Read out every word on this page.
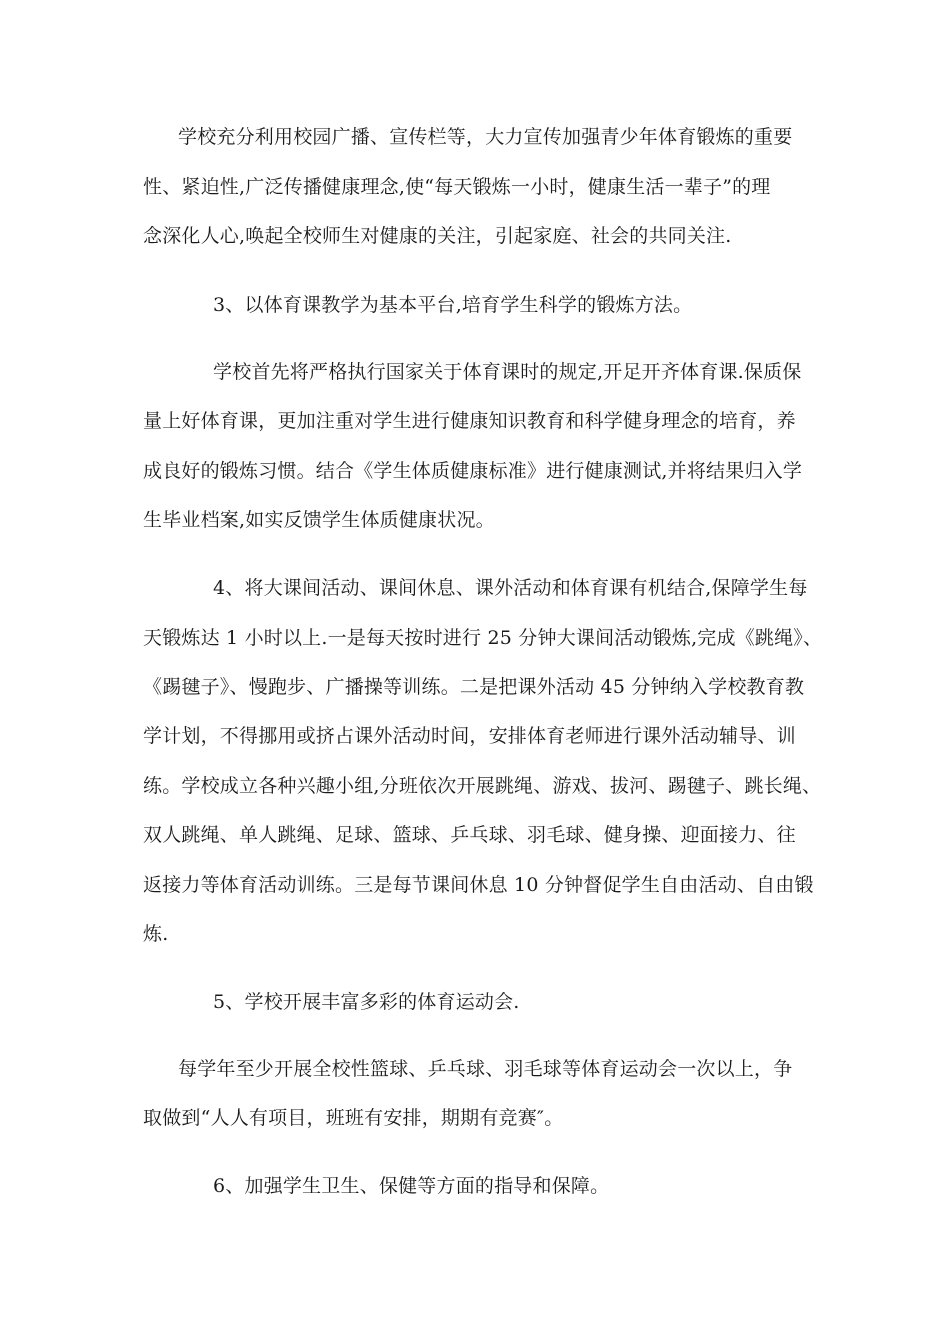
学校充分利用校园广播、宣传栏等，大力宣传加强青少年体育锻炼的重要
性、紧迫性,广泛传播健康理念,使“每天锻炼一小时，健康生活一辈子”的理
念深化人心,唤起全校师生对健康的关注，引起家庭、社会的共同关注.
3、以体育课教学为基本平台,培育学生科学的锻炼方法。
学校首先将严格执行国家关于体育课时的规定,开足开齐体育课.保质保
量上好体育课，更加注重对学生进行健康知识教育和科学健身理念的培育，养
成良好的锻炼习惯。结合《学生体质健康标准》进行健康测试,并将结果归入学
生毕业档案,如实反馈学生体质健康状况。
4、将大课间活动、课间休息、课外活动和体育课有机结合,保障学生每
天锻炼达 1 小时以上.一是每天按时进行 25 分钟大课间活动锻炼,完成《跳绳》、
《踢毽子》、慢跑步、广播操等训练。二是把课外活动 45 分钟纳入学校教育教
学计划，不得挪用或挤占课外活动时间，安排体育老师进行课外活动辅导、训
练。学校成立各种兴趣小组,分班依次开展跳绳、游戏、拔河、踢毽子、跳长绳、
双人跳绳、单人跳绳、足球、篮球、乒乓球、羽毛球、健身操、迎面接力、往
返接力等体育活动训练。三是每节课间休息 10 分钟督促学生自由活动、自由锻
炼.
5、学校开展丰富多彩的体育运动会.
每学年至少开展全校性篮球、乒乓球、羽毛球等体育运动会一次以上，争
取做到“人人有项目，班班有安排，期期有竞赛″。
6、加强学生卫生、保健等方面的指导和保障。
